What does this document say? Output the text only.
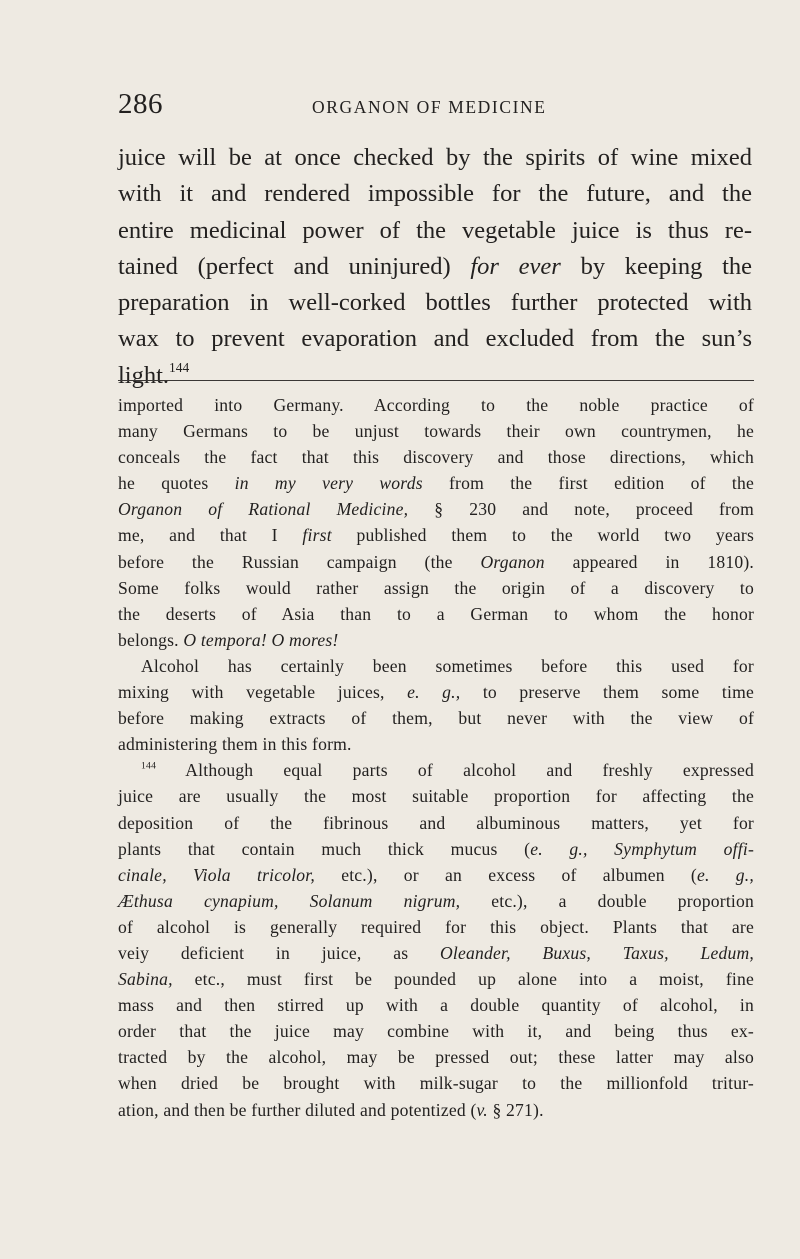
286	ORGANON OF MEDICINE
juice will be at once checked by the spirits of wine mixed
with it and rendered impossible for the future, and the
entire medicinal power of the vegetable juice is thus re-
tained (perfect and uninjured) for ever by keeping the
preparation in well-corked bottles further protected with
wax to prevent evaporation and excluded from the sun’s
light.$^{144}$
imported into Germany. According to the noble practice of
many Germans to be unjust towards their own countrymen, he
conceals the fact that this discovery and those directions, which
he quotes in my very words from the first edition of the
Organon of Rational Medicine, § 230 and note, proceed from
me, and that I first published them to the world two years
before the Russian campaign (the Organon appeared in 1810).
Some folks would rather assign the origin of a discovery to
the deserts of Asia than to a German to whom the honor
belongs. O tempora! O mores!
Alcohol has certainly been sometimes before this used for
mixing with vegetable juices, e. g., to preserve them some time
before making extracts of them, but never with the view of
administering them in this form.
$^{144}$ Although equal parts of alcohol and freshly expressed
juice are usually the most suitable proportion for affecting the
deposition of the fibrinous and albuminous matters, yet for
plants that contain much thick mucus (e. g., Symphytum offi-
cinale, Viola tricolor, etc.), or an excess of albumen (e. g.,
Æthusa cynapium, Solanum nigrum, etc.), a double proportion
of alcohol is generally required for this object. Plants that are
veiy deficient in juice, as Oleander, Buxus, Taxus, Ledum,
Sabina, etc., must first be pounded up alone into a moist, fine
mass and then stirred up with a double quantity of alcohol, in
order that the juice may combine with it, and being thus ex-
tracted by the alcohol, may be pressed out; these latter may also
when dried be brought with milk-sugar to the millionfold tritur-
ation, and then be further diluted and potentized (v. § 271).
